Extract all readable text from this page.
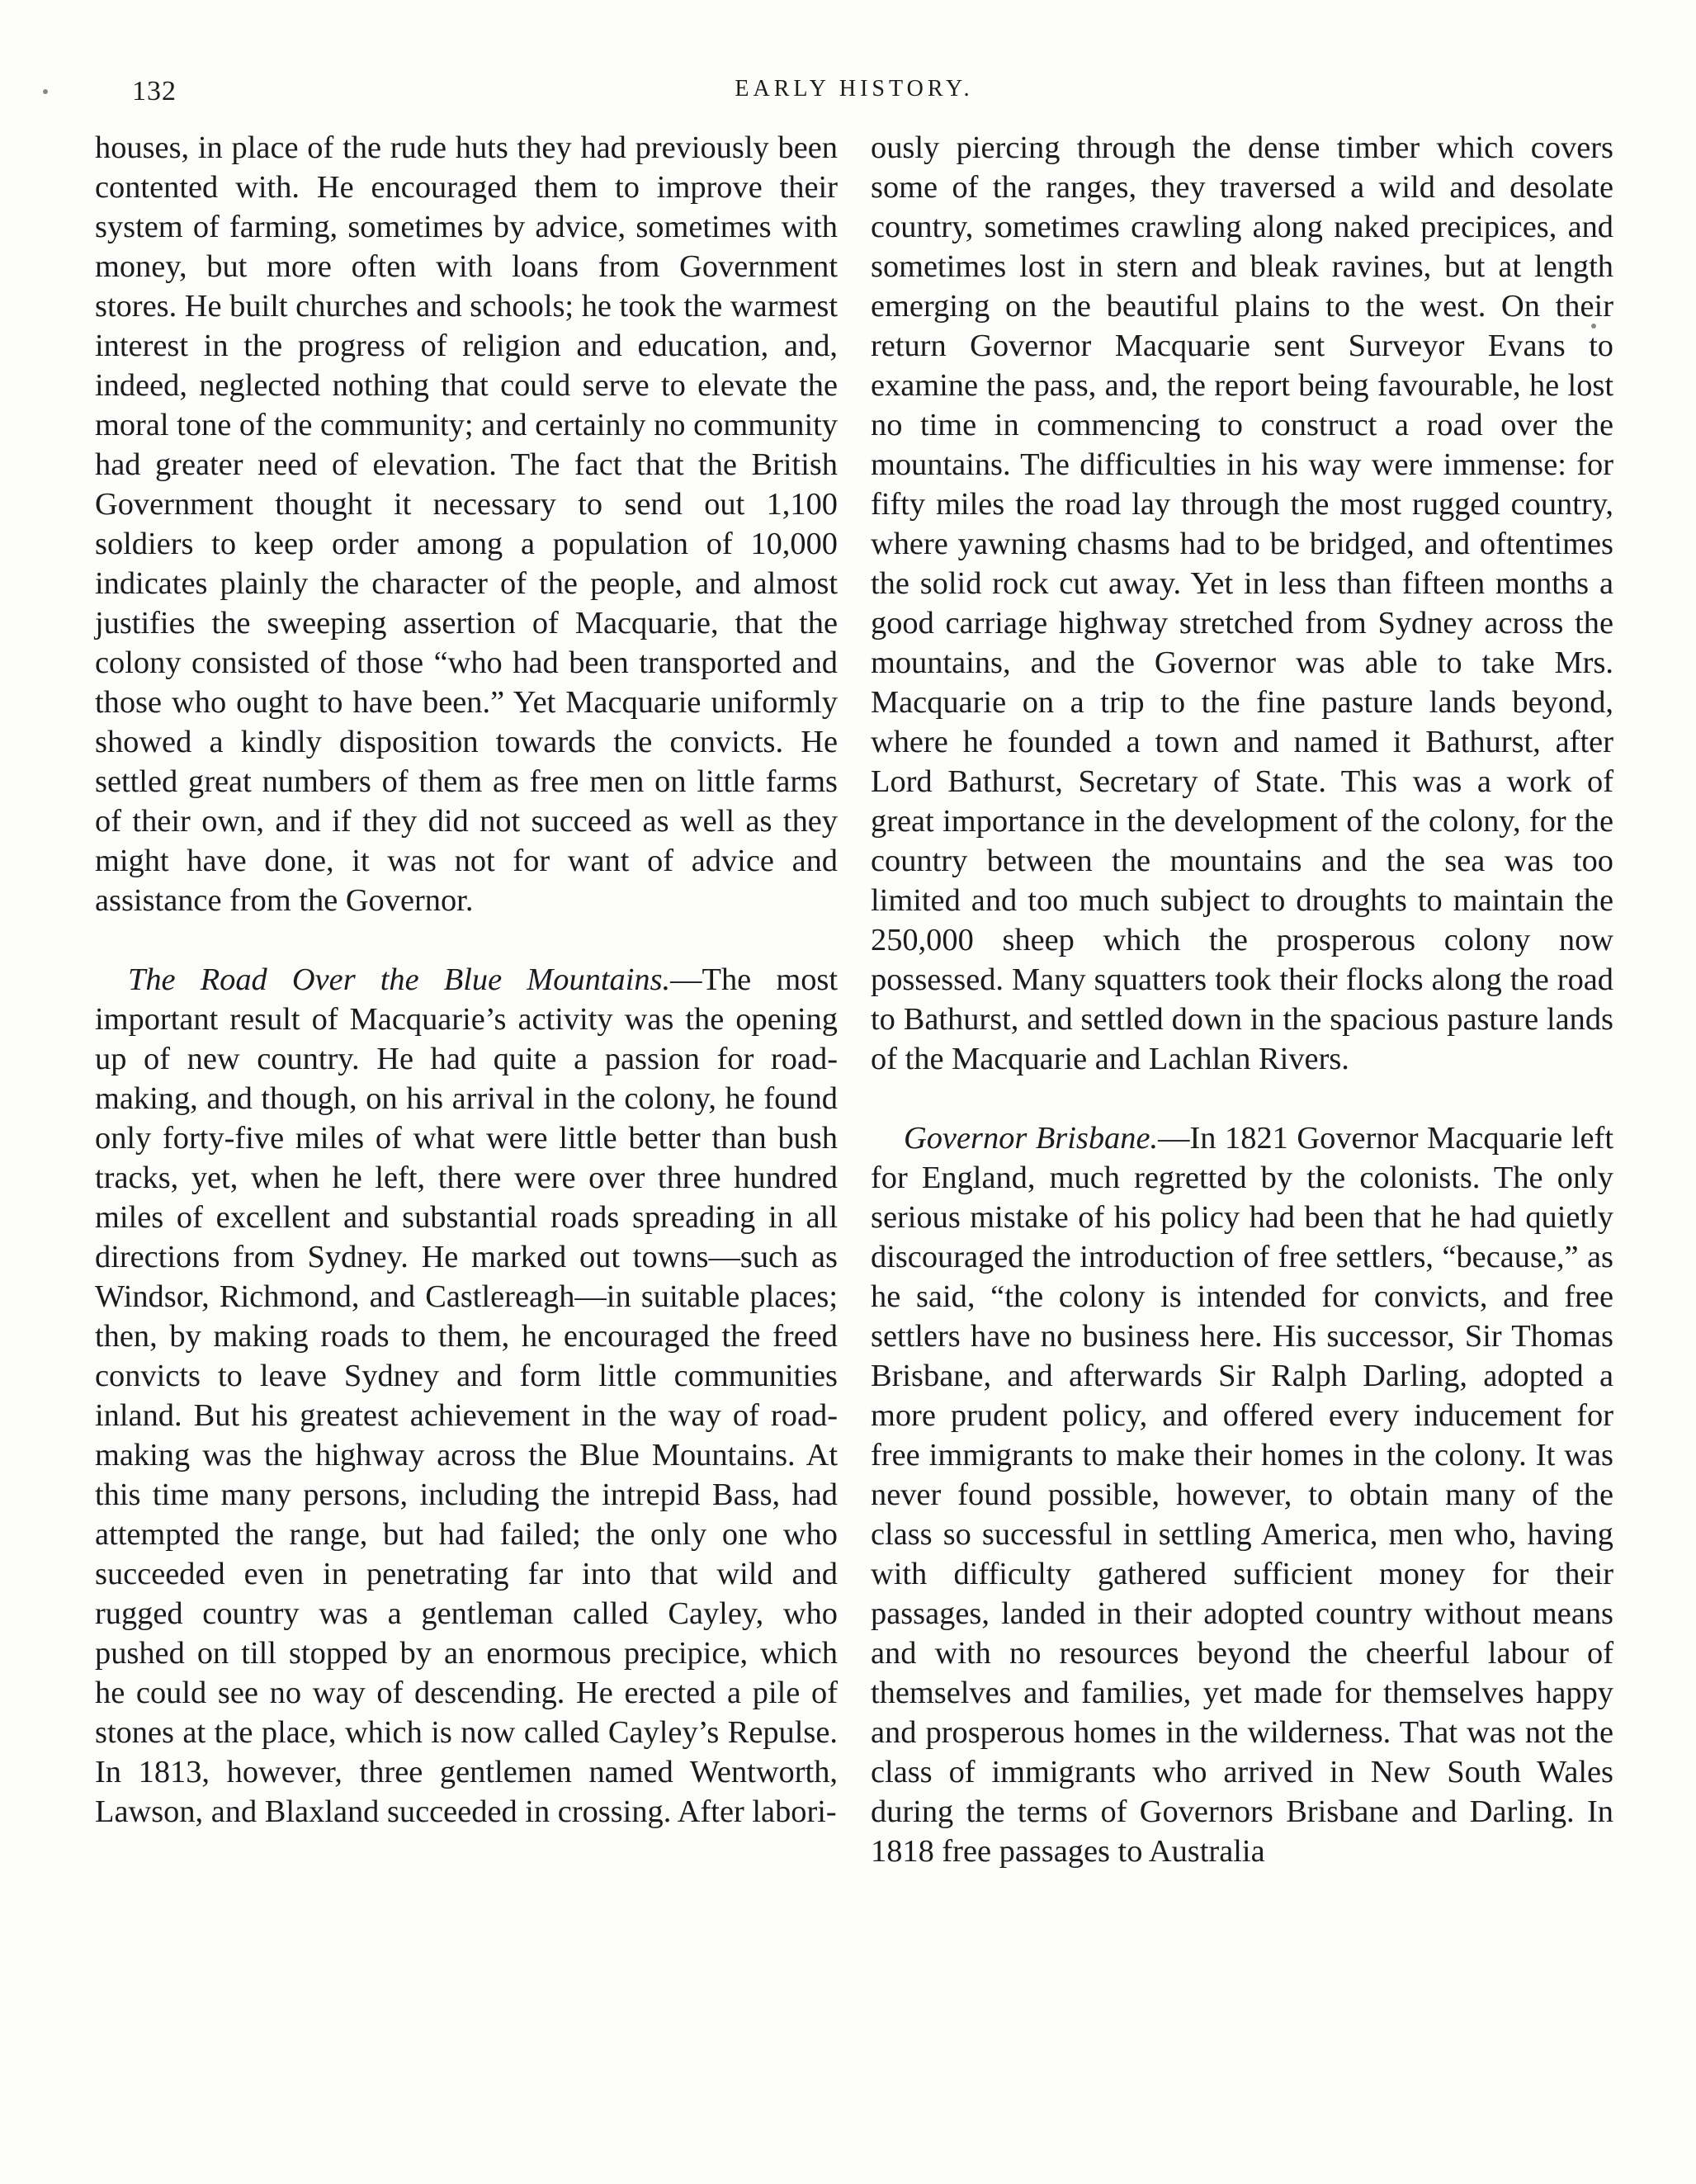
132	EARLY HISTORY.

houses, in place of the rude huts they had previously been contented with. He encouraged them to improve their system of farming, sometimes by advice, sometimes with money, but more often with loans from Government stores. He built churches and schools; he took the warmest interest in the progress of religion and education, and, indeed, neglected nothing that could serve to elevate the moral tone of the community; and certainly no community had greater need of elevation. The fact that the British Government thought it necessary to send out 1,100 soldiers to keep order among a population of 10,000 indicates plainly the character of the people, and almost justifies the sweeping assertion of Macquarie, that the colony consisted of those “who had been transported and those who ought to have been.” Yet Macquarie uniformly showed a kindly disposition towards the convicts. He settled great numbers of them as free men on little farms of their own, and if they did not succeed as well as they might have done, it was not for want of advice and assistance from the Governor.

The Road Over the Blue Mountains.—The most important result of Macquarie’s activity was the opening up of new country. He had quite a passion for road-making, and though, on his arrival in the colony, he found only forty-five miles of what were little better than bush tracks, yet, when he left, there were over three hundred miles of excellent and substantial roads spreading in all directions from Sydney. He marked out towns—such as Windsor, Richmond, and Castlereagh—in suitable places; then, by making roads to them, he encouraged the freed convicts to leave Sydney and form little communities inland. But his greatest achievement in the way of road-making was the highway across the Blue Mountains. At this time many persons, including the intrepid Bass, had attempted the range, but had failed; the only one who succeeded even in penetrating far into that wild and rugged country was a gentleman called Cayley, who pushed on till stopped by an enormous precipice, which he could see no way of descending. He erected a pile of stones at the place, which is now called Cayley’s Repulse. In 1813, however, three gentlemen named Wentworth, Lawson, and Blaxland succeeded in crossing. After labori-

ously piercing through the dense timber which covers some of the ranges, they traversed a wild and desolate country, sometimes crawling along naked precipices, and sometimes lost in stern and bleak ravines, but at length emerging on the beautiful plains to the west. On their return Governor Macquarie sent Surveyor Evans to examine the pass, and, the report being favourable, he lost no time in commencing to construct a road over the mountains. The difficulties in his way were immense: for fifty miles the road lay through the most rugged country, where yawning chasms had to be bridged, and oftentimes the solid rock cut away. Yet in less than fifteen months a good carriage highway stretched from Sydney across the mountains, and the Governor was able to take Mrs. Macquarie on a trip to the fine pasture lands beyond, where he founded a town and named it Bathurst, after Lord Bathurst, Secretary of State. This was a work of great importance in the development of the colony, for the country between the mountains and the sea was too limited and too much subject to droughts to maintain the 250,000 sheep which the prosperous colony now possessed. Many squatters took their flocks along the road to Bathurst, and settled down in the spacious pasture lands of the Macquarie and Lachlan Rivers.

Governor Brisbane.—In 1821 Governor Macquarie left for England, much regretted by the colonists. The only serious mistake of his policy had been that he had quietly discouraged the introduction of free settlers, “because,” as he said, “the colony is intended for convicts, and free settlers have no business here. His successor, Sir Thomas Brisbane, and afterwards Sir Ralph Darling, adopted a more prudent policy, and offered every inducement for free immigrants to make their homes in the colony. It was never found possible, however, to obtain many of the class so successful in settling America, men who, having with difficulty gathered sufficient money for their passages, landed in their adopted country without means and with no resources beyond the cheerful labour of themselves and families, yet made for themselves happy and prosperous homes in the wilderness. That was not the class of immigrants who arrived in New South Wales during the terms of Governors Brisbane and Darling. In 1818 free passages to Australia
